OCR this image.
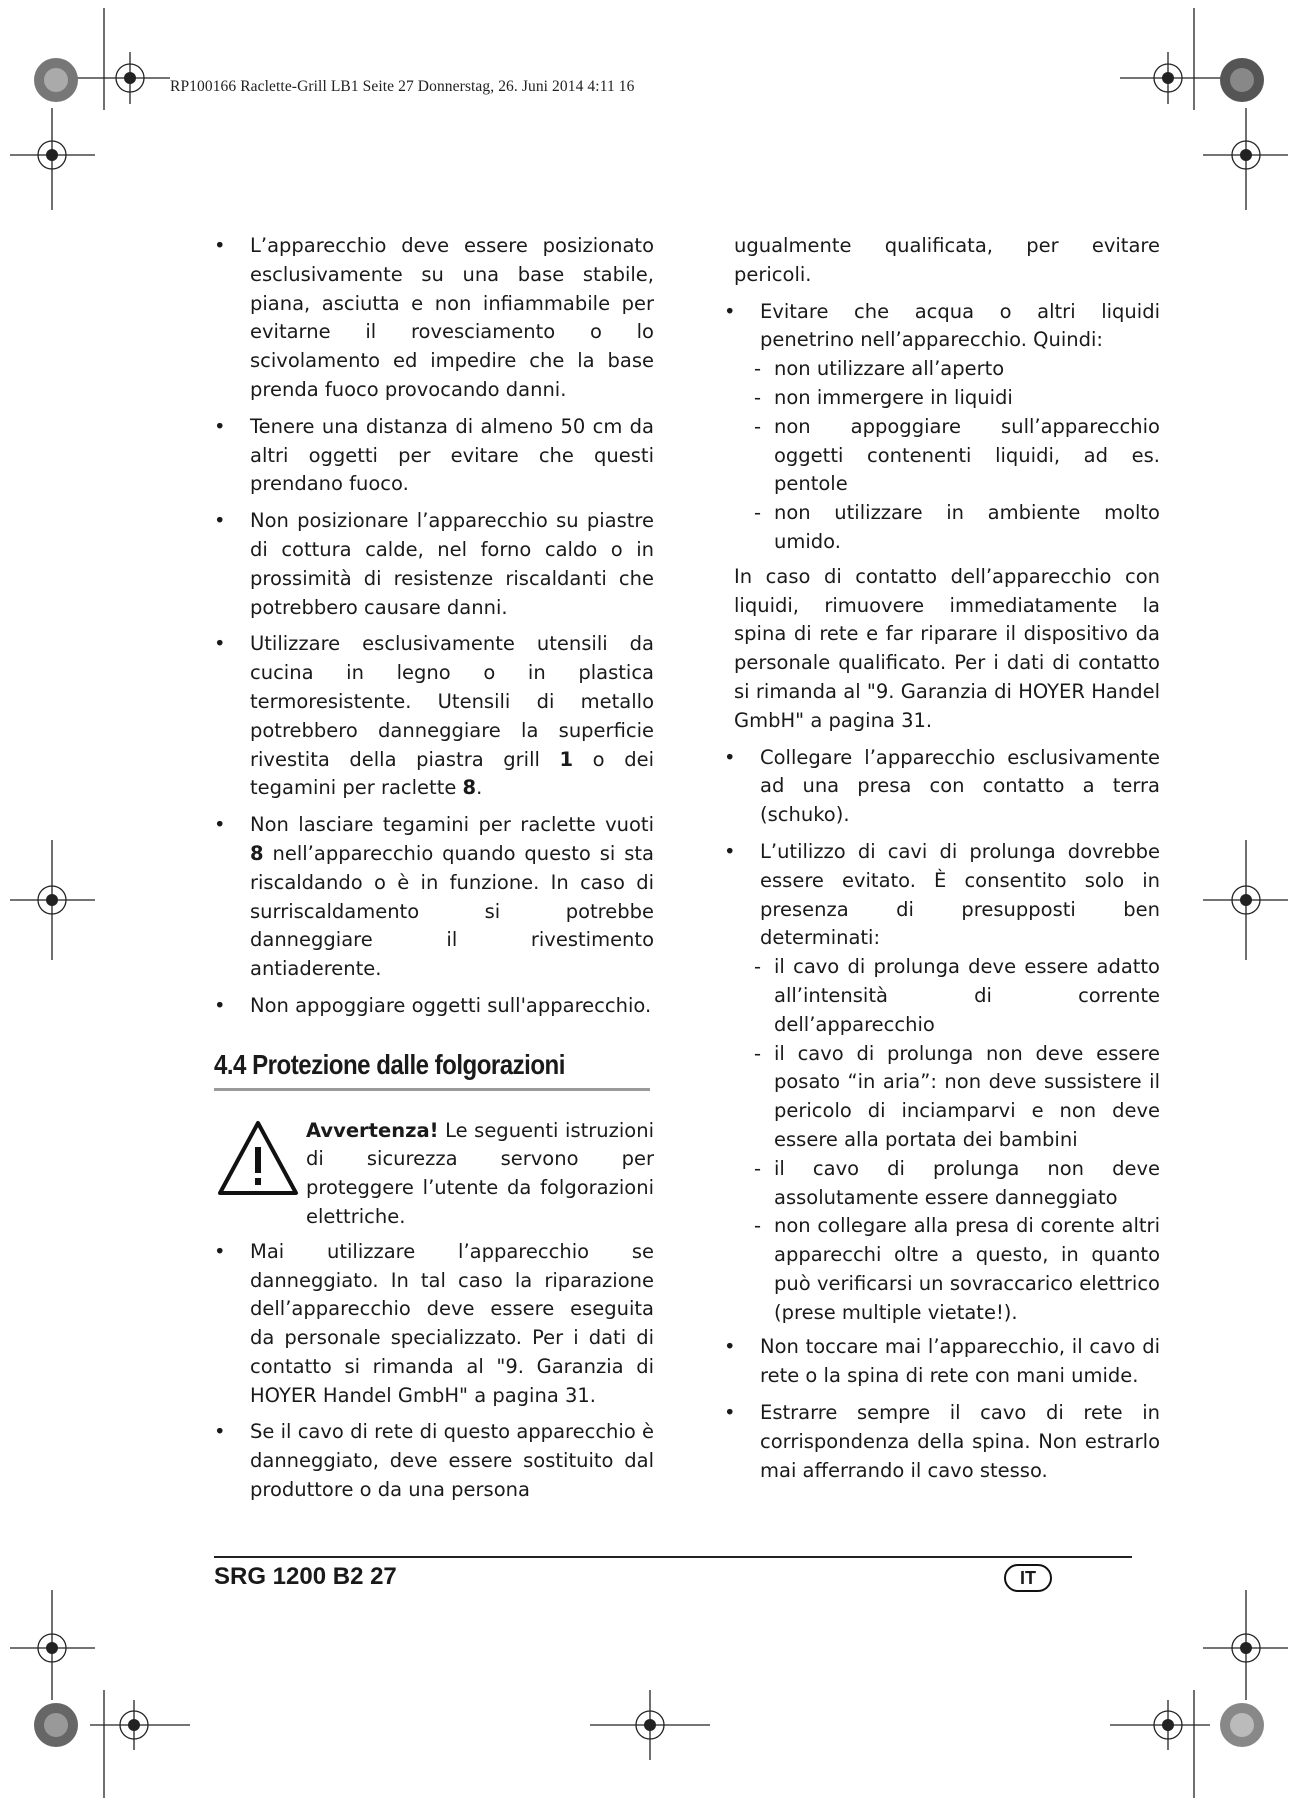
RP100166 Raclette-Grill LB1 Seite 27 Donnerstag, 26. Juni 2014 4:11 16
• L’apparecchio deve essere posizionato esclusivamente su una base stabile, piana, asciutta e non infiammabile per evitarne il rovesciamento o lo scivolamento ed impedire che la base prenda fuoco provocando danni.
• Tenere una distanza di almeno 50 cm da altri oggetti per evitare che questi prendano fuoco.
• Non posizionare l’apparecchio su piastre di cottura calde, nel forno caldo o in prossimità di resistenze riscaldanti che potrebbero causare danni.
• Utilizzare esclusivamente utensili da cucina in legno o in plastica termoresistente. Utensili di metallo potrebbero danneggiare la superficie rivestita della piastra grill 1 o dei tegamini per raclette 8.
• Non lasciare tegamini per raclette vuoti 8 nell’apparecchio quando questo si sta riscaldando o è in funzione. In caso di surriscaldamento si potrebbe danneggiare il rivestimento antiaderente.
• Non appoggiare oggetti sull'apparecchio.
4.4 Protezione dalle folgorazioni
Avvertenza! Le seguenti istruzioni di sicurezza servono per proteggere l’utente da folgorazioni elettriche.
• Mai utilizzare l’apparecchio se danneggiato. In tal caso la riparazione dell’apparecchio deve essere eseguita da personale specializzato. Per i dati di contatto si rimanda al "9. Garanzia di HOYER Handel GmbH" a pagina 31.
• Se il cavo di rete di questo apparecchio è danneggiato, deve essere sostituito dal produttore o da una persona
ugualmente qualificata, per evitare pericoli.
• Evitare che acqua o altri liquidi penetrino nell’apparecchio. Quindi:
- non utilizzare all’aperto
- non immergere in liquidi
- non appoggiare sull’apparecchio oggetti contenenti liquidi, ad es. pentole
- non utilizzare in ambiente molto umido.
In caso di contatto dell’apparecchio con liquidi, rimuovere immediatamente la spina di rete e far riparare il dispositivo da personale qualificato. Per i dati di contatto si rimanda al "9. Garanzia di HOYER Handel GmbH" a pagina 31.
• Collegare l’apparecchio esclusivamente ad una presa con contatto a terra (schuko).
• L’utilizzo di cavi di prolunga dovrebbe essere evitato. È consentito solo in presenza di presupposti ben determinati:
- il cavo di prolunga deve essere adatto all’intensità di corrente dell’apparecchio
- il cavo di prolunga non deve essere posato “in aria”: non deve sussistere il pericolo di inciamparvi e non deve essere alla portata dei bambini
- il cavo di prolunga non deve assolutamente essere danneggiato
- non collegare alla presa di corente altri apparecchi oltre a questo, in quanto può verificarsi un sovraccarico elettrico (prese multiple vietate!).
• Non toccare mai l’apparecchio, il cavo di rete o la spina di rete con mani umide.
• Estrarre sempre il cavo di rete in corrispondenza della spina. Non estrarlo mai afferrando il cavo stesso.
SRG 1200 B2 27	IT
